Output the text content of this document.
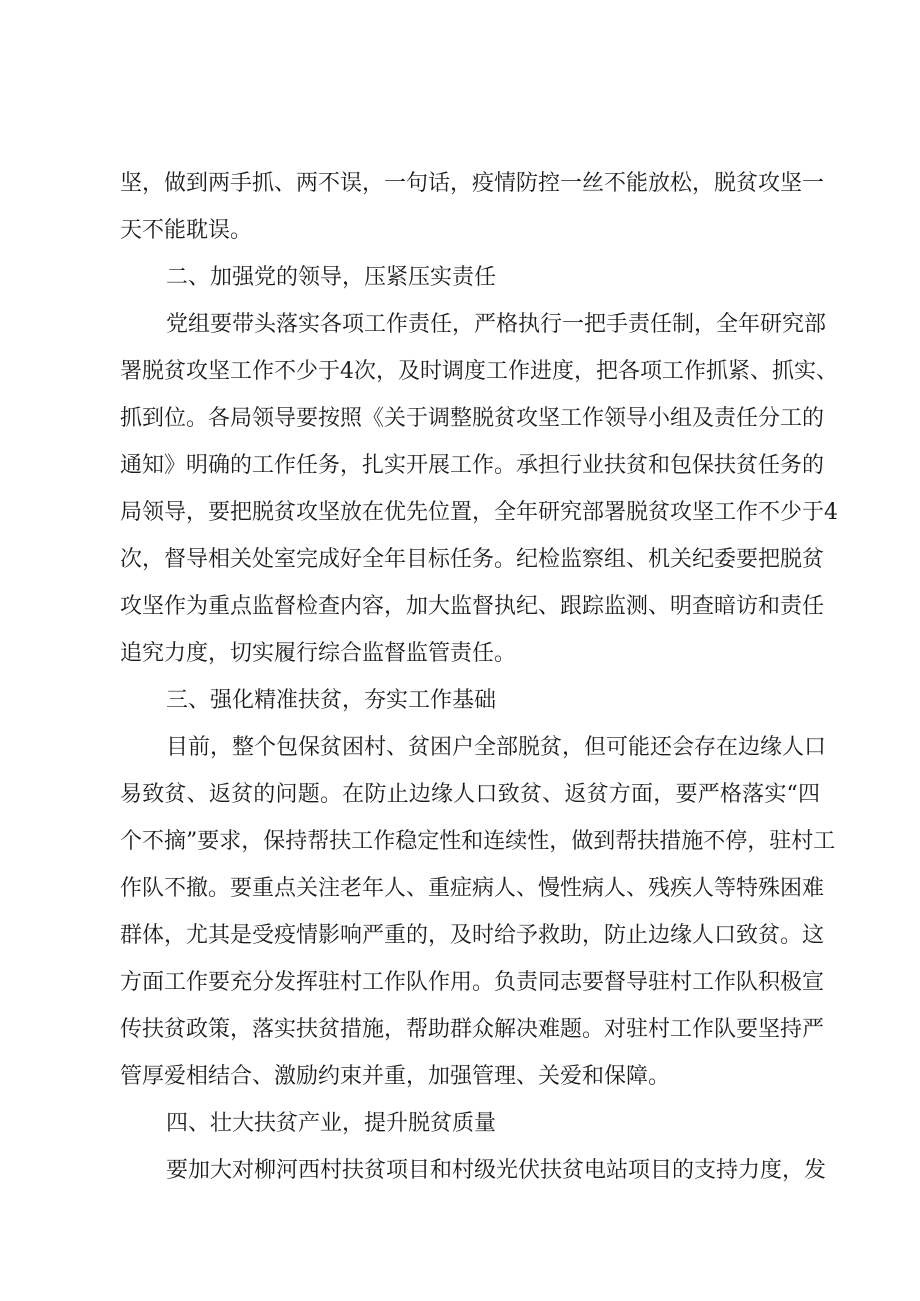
坚，做到两手抓、两不误，一句话，疫情防控一丝不能放松，脱贫攻坚一
天不能耽误。
二、加强党的领导，压紧压实责任
党组要带头落实各项工作责任，严格执行一把手责任制，全年研究部
署脱贫攻坚工作不少于4次，及时调度工作进度，把各项工作抓紧、抓实、
抓到位。各局领导要按照《关于调整脱贫攻坚工作领导小组及责任分工的
通知》明确的工作任务，扎实开展工作。承担行业扶贫和包保扶贫任务的
局领导，要把脱贫攻坚放在优先位置，全年研究部署脱贫攻坚工作不少于4
次，督导相关处室完成好全年目标任务。纪检监察组、机关纪委要把脱贫
攻坚作为重点监督检查内容，加大监督执纪、跟踪监测、明查暗访和责任
追究力度，切实履行综合监督监管责任。
三、强化精准扶贫，夯实工作基础
目前，整个包保贫困村、贫困户全部脱贫，但可能还会存在边缘人口
易致贫、返贫的问题。在防止边缘人口致贫、返贫方面，要严格落实“四
个不摘”要求，保持帮扶工作稳定性和连续性，做到帮扶措施不停，驻村工
作队不撤。要重点关注老年人、重症病人、慢性病人、残疾人等特殊困难
群体，尤其是受疫情影响严重的，及时给予救助，防止边缘人口致贫。这
方面工作要充分发挥驻村工作队作用。负责同志要督导驻村工作队积极宣
传扶贫政策，落实扶贫措施，帮助群众解决难题。对驻村工作队要坚持严
管厚爱相结合、激励约束并重，加强管理、关爱和保障。
四、壮大扶贫产业，提升脱贫质量
要加大对柳河西村扶贫项目和村级光伏扶贫电站项目的支持力度，发
